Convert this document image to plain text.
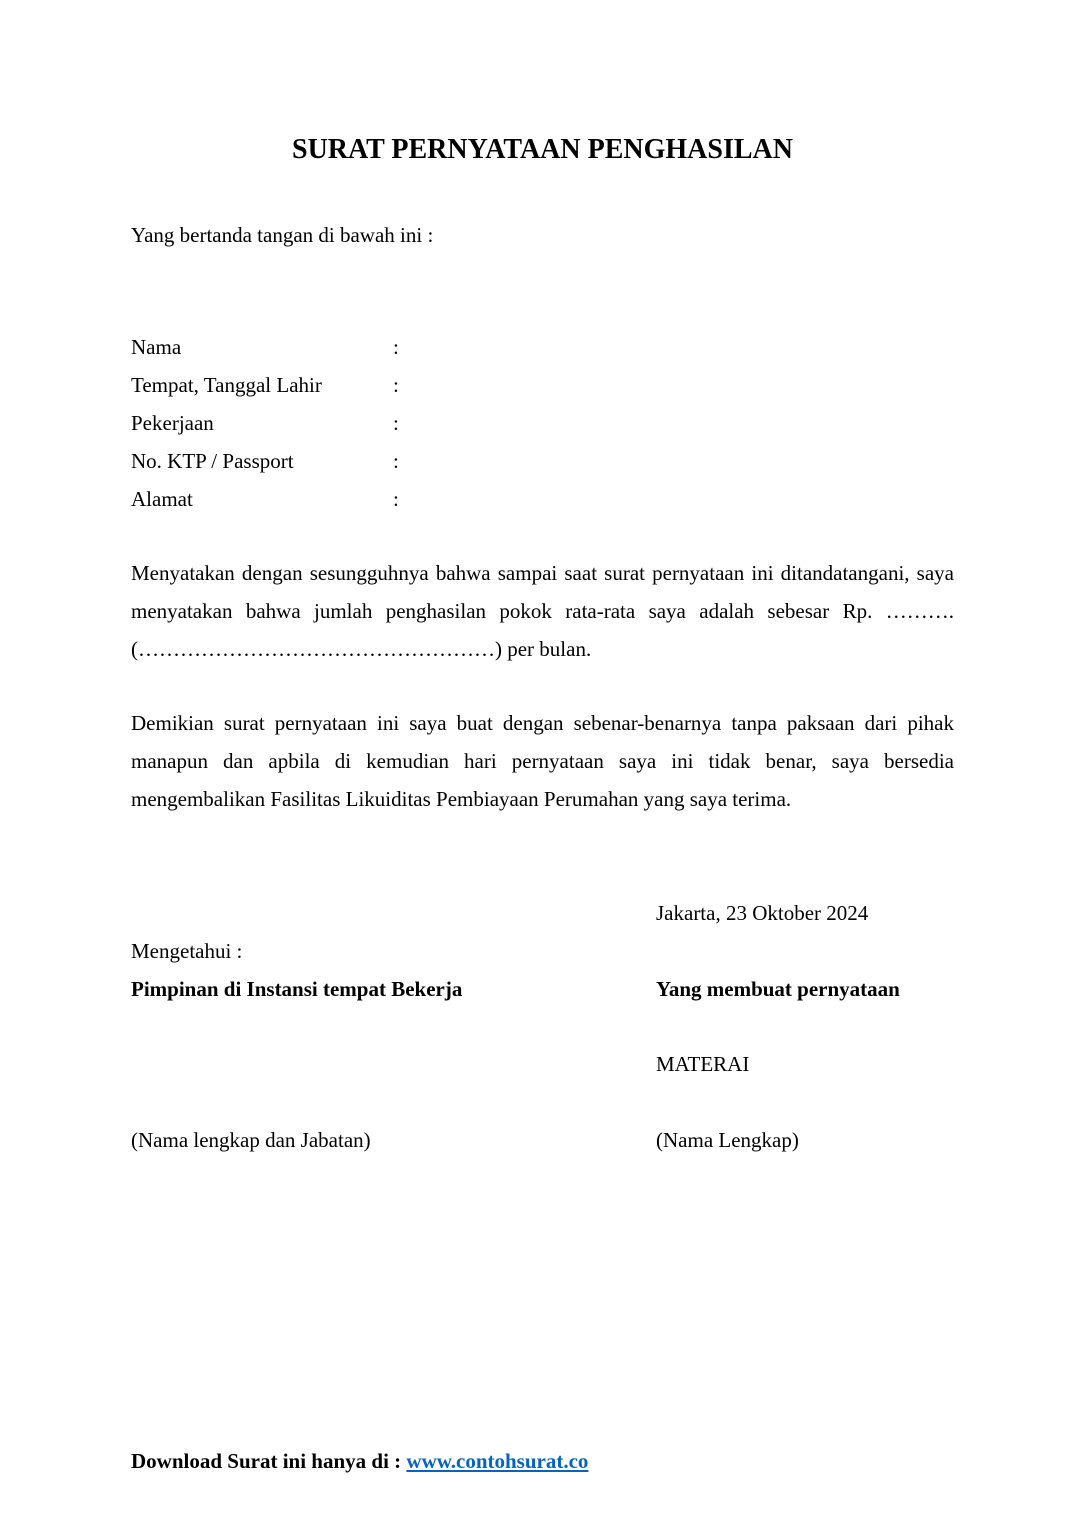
SURAT PERNYATAAN PENGHASILAN
Yang bertanda tangan di bawah ini :
Nama	:
Tempat, Tanggal Lahir	:
Pekerjaan	:
No. KTP / Passport	:
Alamat	:
Menyatakan dengan sesungguhnya bahwa sampai saat surat pernyataan ini ditandatangani, saya menyatakan bahwa jumlah penghasilan pokok rata-rata saya adalah sebesar Rp. ………. (……………………………………………) per bulan.
Demikian surat pernyataan ini saya buat dengan sebenar-benarnya tanpa paksaan dari pihak manapun dan apbila di kemudian hari pernyataan saya ini tidak benar, saya bersedia mengembalikan Fasilitas Likuiditas Pembiayaan Perumahan yang saya terima.
Jakarta, 23 Oktober 2024
Mengetahui :
Pimpinan di Instansi tempat Bekerja	Yang membuat pernyataan
MATERAI
(Nama lengkap dan Jabatan)	(Nama Lengkap)
Download Surat ini hanya di : www.contohsurat.co
